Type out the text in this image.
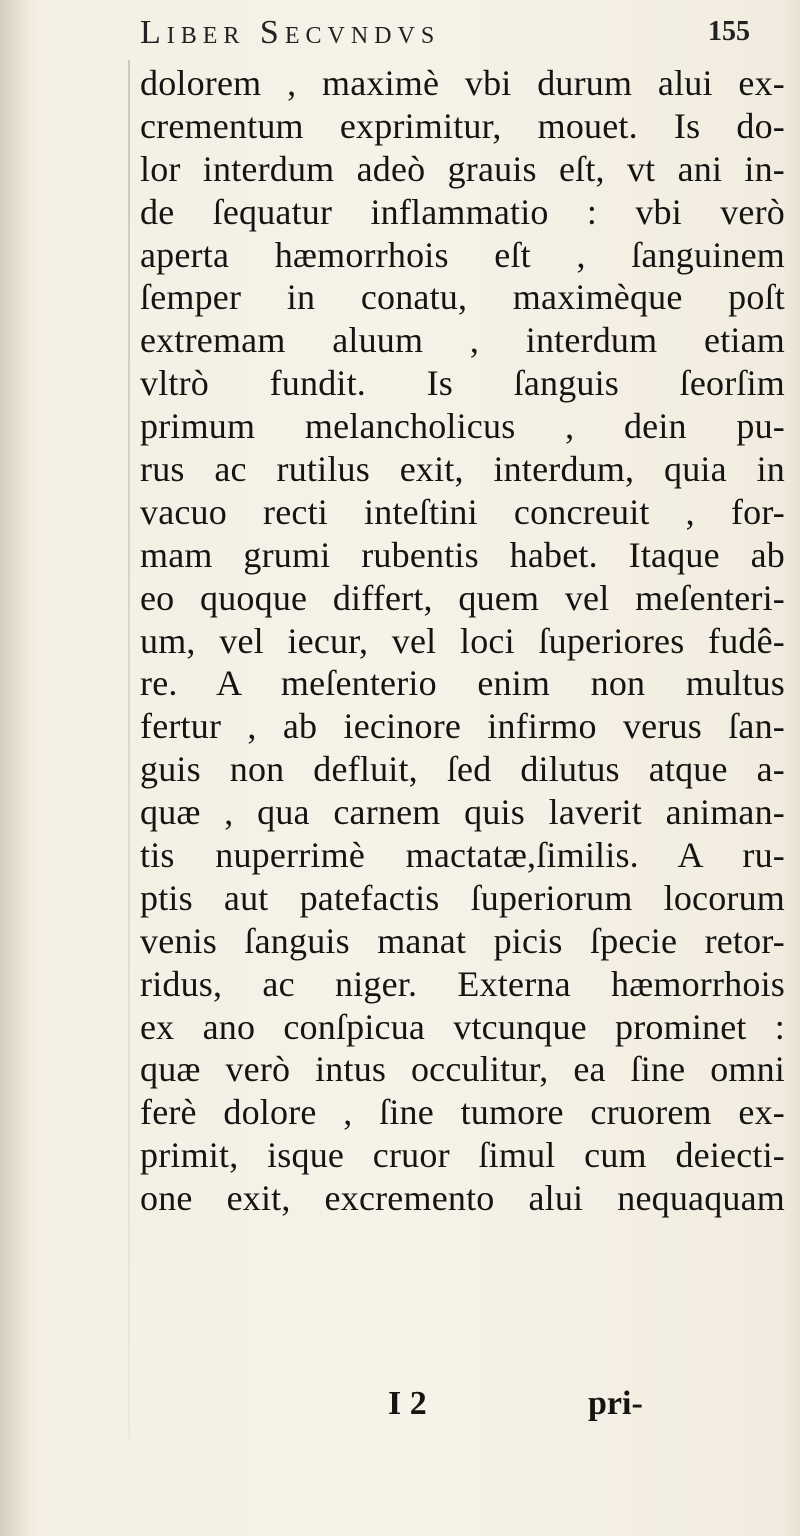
Liber Secvndvs	155
dolorem , maximè vbi durum alui ex-
crementum exprimitur, mouet. Is do-
lor interdum adeò grauis eſt, vt ani in-
de ſequatur inflammatio : vbi verò
aperta hæmorrhois eſt , ſanguinem
ſemper in conatu, maximèque poſt
extremam aluum , interdum etiam
vltrò fundit. Is ſanguis ſeorſim
primum melancholicus , dein pu-
rus ac rutilus exit, interdum, quia in
vacuo recti inteſtini concreuit , for-
mam grumi rubentis habet. Itaque ab
eo quoque differt, quem vel meſenteri-
um, vel iecur, vel loci ſuperiores fudê-
re. A meſenterio enim non multus
fertur , ab iecinore infirmo verus ſan-
guis non defluit, ſed dilutus atque a-
quæ , qua carnem quis laverit animan-
tis nuperrimè mactatæ,ſimilis. A ru-
ptis aut patefactis ſuperiorum locorum
venis ſanguis manat picis ſpecie retor-
ridus, ac niger. Externa hæmorrhois
ex ano conſpicua vtcunque prominet :
quæ verò intus occulitur, ea ſine omni
ferè dolore , ſine tumore cruorem ex-
primit, isque cruor ſimul cum deiecti-
one exit, excremento alui nequaquam
I 2	pri-
